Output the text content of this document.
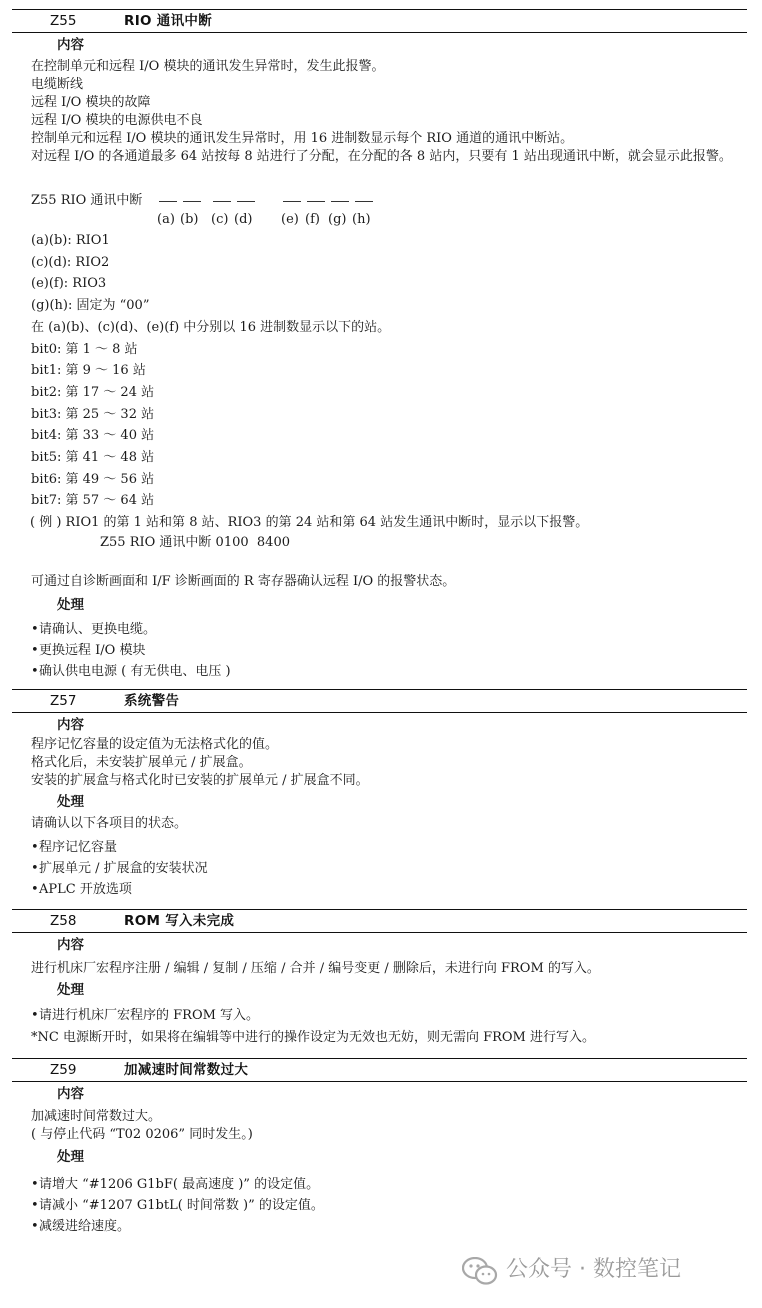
Z55	RIO 通讯中断
内容
在控制单元和远程 I/O 模块的通讯发生异常时，发生此报警。
电缆断线
远程 I/O 模块的故障
远程 I/O 模块的电源供电不良
控制单元和远程 I/O 模块的通讯发生异常时，用 16 进制数显示每个 RIO 通道的通讯中断站。
对远程 I/O 的各通道最多 64 站按每 8 站进行了分配，在分配的各 8 站内，只要有 1 站出现通讯中断，就会显示此报警。
Z55 RIO 通讯中断
(a) (b) (c) (d) (e) (f) (g) (h)
(a)(b): RIO1
(c)(d): RIO2
(e)(f): RIO3
(g)(h): 固定为 “00”
在 (a)(b)、(c)(d)、(e)(f) 中分别以 16 进制数显示以下的站。
bit0: 第 1 ～ 8 站
bit1: 第 9 ～ 16 站
bit2: 第 17 ～ 24 站
bit3: 第 25 ～ 32 站
bit4: 第 33 ～ 40 站
bit5: 第 41 ～ 48 站
bit6: 第 49 ～ 56 站
bit7: 第 57 ～ 64 站
( 例 ) RIO1 的第 1 站和第 8 站、RIO3 的第 24 站和第 64 站发生通讯中断时，显示以下报警。
Z55 RIO 通讯中断 0100  8400
可通过自诊断画面和 I/F 诊断画面的 R 寄存器确认远程 I/O 的报警状态。
处理
•请确认、更换电缆。
•更换远程 I/O 模块
•确认供电电源 ( 有无供电、电压 )
Z57	系统警告
内容
程序记忆容量的设定值为无法格式化的值。
格式化后，未安装扩展单元 / 扩展盒。
安装的扩展盒与格式化时已安装的扩展单元 / 扩展盒不同。
处理
请确认以下各项目的状态。
•程序记忆容量
•扩展单元 / 扩展盒的安装状况
•APLC 开放选项
Z58	ROM 写入未完成
内容
进行机床厂宏程序注册 / 编辑 / 复制 / 压缩 / 合并 / 编号变更 / 删除后，未进行向 FROM 的写入。
处理
•请进行机床厂宏程序的 FROM 写入。
*NC 电源断开时，如果将在编辑等中进行的操作设定为无效也无妨，则无需向 FROM 进行写入。
Z59	加减速时间常数过大
内容
加减速时间常数过大。
( 与停止代码 “T02 0206” 同时发生。)
处理
•请增大 “#1206 G1bF( 最高速度 )” 的设定值。
•请减小 “#1207 G1btL( 时间常数 )” 的设定值。
•减缓进给速度。
公众号 · 数控笔记
